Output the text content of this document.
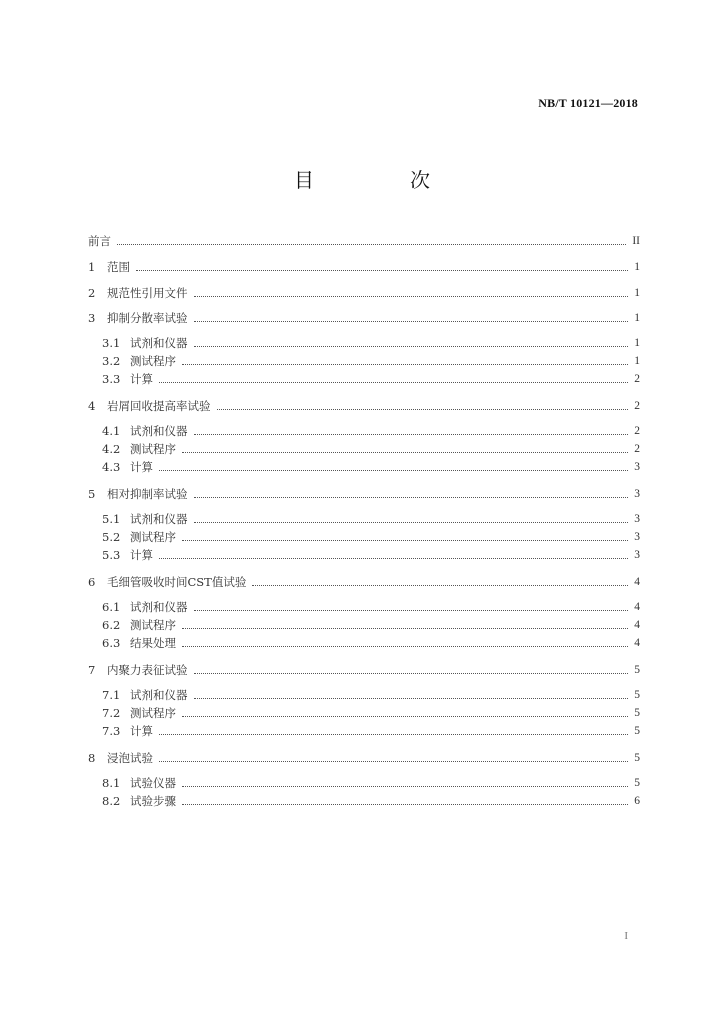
NB/T 10121—2018
目　次
前言	II
1	范围	1
2	规范性引用文件	1
3	抑制分散率试验	1
3.1 试剂和仪器	1
3.2 测试程序	1
3.3 计算	2
4	岩屑回收提高率试验	2
4.1 试剂和仪器	2
4.2 测试程序	2
4.3 计算	3
5	相对抑制率试验	3
5.1 试剂和仪器	3
5.2 测试程序	3
5.3 计算	3
6	毛细管吸收时间CST值试验	4
6.1 试剂和仪器	4
6.2 测试程序	4
6.3 结果处理	4
7	内聚力表征试验	5
7.1 试剂和仪器	5
7.2 测试程序	5
7.3 计算	5
8	浸泡试验	5
8.1 试验仪器	5
8.2 试验步骤	6
I
